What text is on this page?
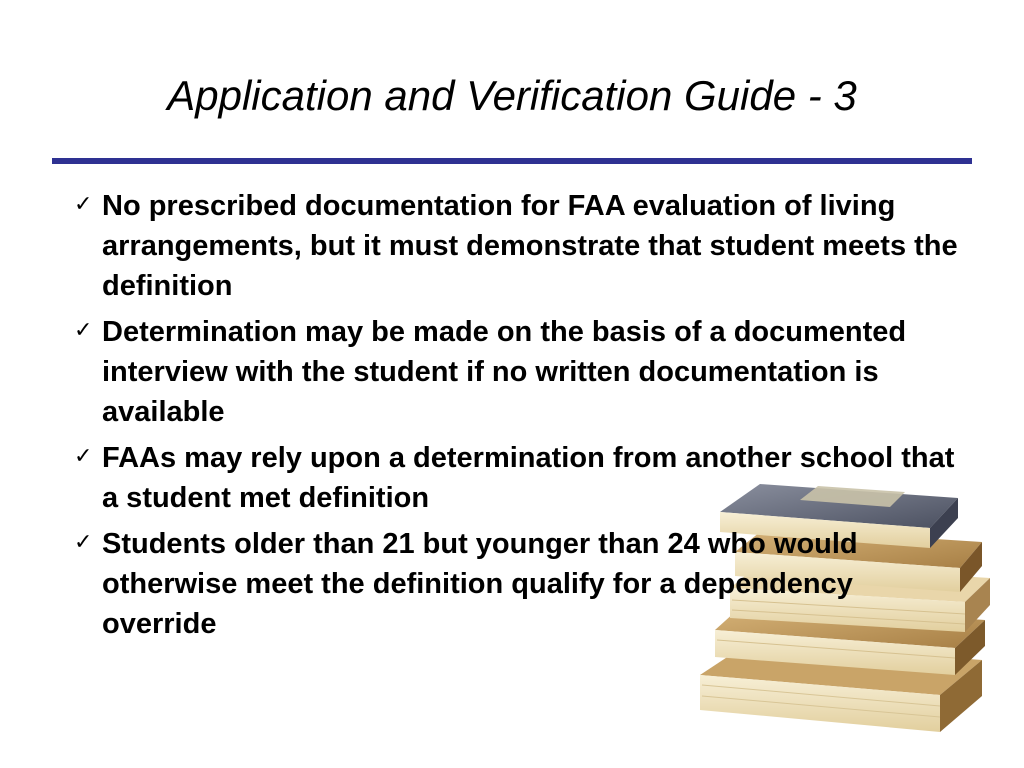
Application and Verification Guide - 3
✓ No prescribed documentation for FAA evaluation of living arrangements, but it must demonstrate that student meets the definition
✓ Determination may be made on the basis of a documented interview with the student if no written documentation is available
✓ FAAs may rely upon a determination from another school that a student met definition
✓ Students older than 21 but younger than 24 who would otherwise meet the definition qualify for a dependency override
